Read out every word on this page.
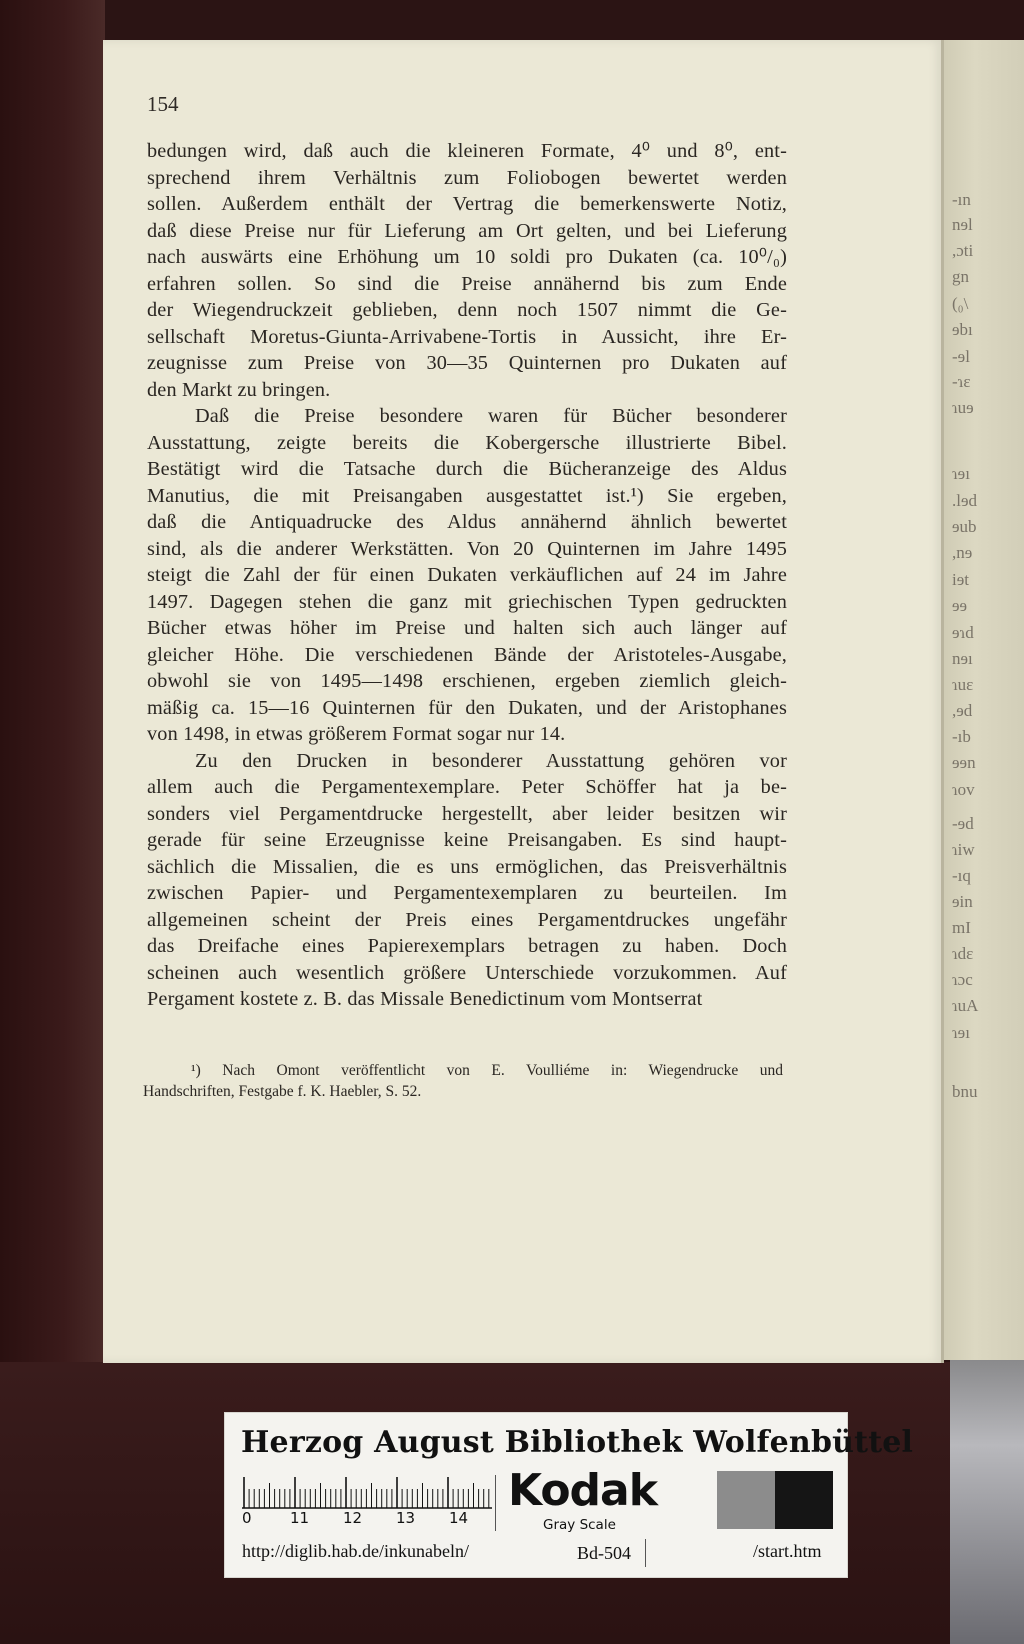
-ın
nɘl
,ɔti
gn
(₀\
ɘbı
-ɘl
-ɿɛ
ɿuɘ
ɿɘı
.lɘd
ɘub
,nɘ
iɘt
ɘɘ
ɘɿd
nɘı
ɿuɛ
,ɘd
-ıb
ɘɘn
ɿov
-ɘd
ɿiw
-ıq
ɘin
mI
ɿdɛ
ɿɔc
ɿuA
ɿɘı
bnu
154
bedungen wird, daß auch die kleineren Formate, 4⁰ und 8⁰, ent-
sprechend ihrem Verhältnis zum Foliobogen bewertet werden
sollen. Außerdem enthält der Vertrag die bemerkenswerte Notiz,
daß diese Preise nur für Lieferung am Ort gelten, und bei Lieferung
nach auswärts eine Erhöhung um 10 soldi pro Dukaten (ca. 10⁰/₀)
erfahren sollen. So sind die Preise annähernd bis zum Ende
der Wiegendruckzeit geblieben, denn noch 1507 nimmt die Ge-
sellschaft Moretus-Giunta-Arrivabene-Tortis in Aussicht, ihre Er-
zeugnisse zum Preise von 30—35 Quinternen pro Dukaten auf
den Markt zu bringen.
Daß die Preise besondere waren für Bücher besonderer
Ausstattung, zeigte bereits die Kobergersche illustrierte Bibel.
Bestätigt wird die Tatsache durch die Bücheranzeige des Aldus
Manutius, die mit Preisangaben ausgestattet ist.¹) Sie ergeben,
daß die Antiquadrucke des Aldus annähernd ähnlich bewertet
sind, als die anderer Werkstätten. Von 20 Quinternen im Jahre 1495
steigt die Zahl der für einen Dukaten verkäuflichen auf 24 im Jahre
1497. Dagegen stehen die ganz mit griechischen Typen gedruckten
Bücher etwas höher im Preise und halten sich auch länger auf
gleicher Höhe. Die verschiedenen Bände der Aristoteles-Ausgabe,
obwohl sie von 1495—1498 erschienen, ergeben ziemlich gleich-
mäßig ca. 15—16 Quinternen für den Dukaten, und der Aristophanes
von 1498, in etwas größerem Format sogar nur 14.
Zu den Drucken in besonderer Ausstattung gehören vor
allem auch die Pergamentexemplare. Peter Schöffer hat ja be-
sonders viel Pergamentdrucke hergestellt, aber leider besitzen wir
gerade für seine Erzeugnisse keine Preisangaben. Es sind haupt-
sächlich die Missalien, die es uns ermöglichen, das Preisverhältnis
zwischen Papier- und Pergamentexemplaren zu beurteilen. Im
allgemeinen scheint der Preis eines Pergamentdruckes ungefähr
das Dreifache eines Papierexemplars betragen zu haben. Doch
scheinen auch wesentlich größere Unterschiede vorzukommen. Auf
Pergament kostete z. B. das Missale Benedictinum vom Montserrat
¹) Nach Omont veröffentlicht von E. Voulliéme in: Wiegendrucke und
Handschriften, Festgabe f. K. Haebler, S. 52.
Herzog August Bibliothek Wolfenbüttel
0	11 12 13 14
Kodak
Gray Scale
http://diglib.hab.de/inkunabeln/	Bd-504	/start.htm
